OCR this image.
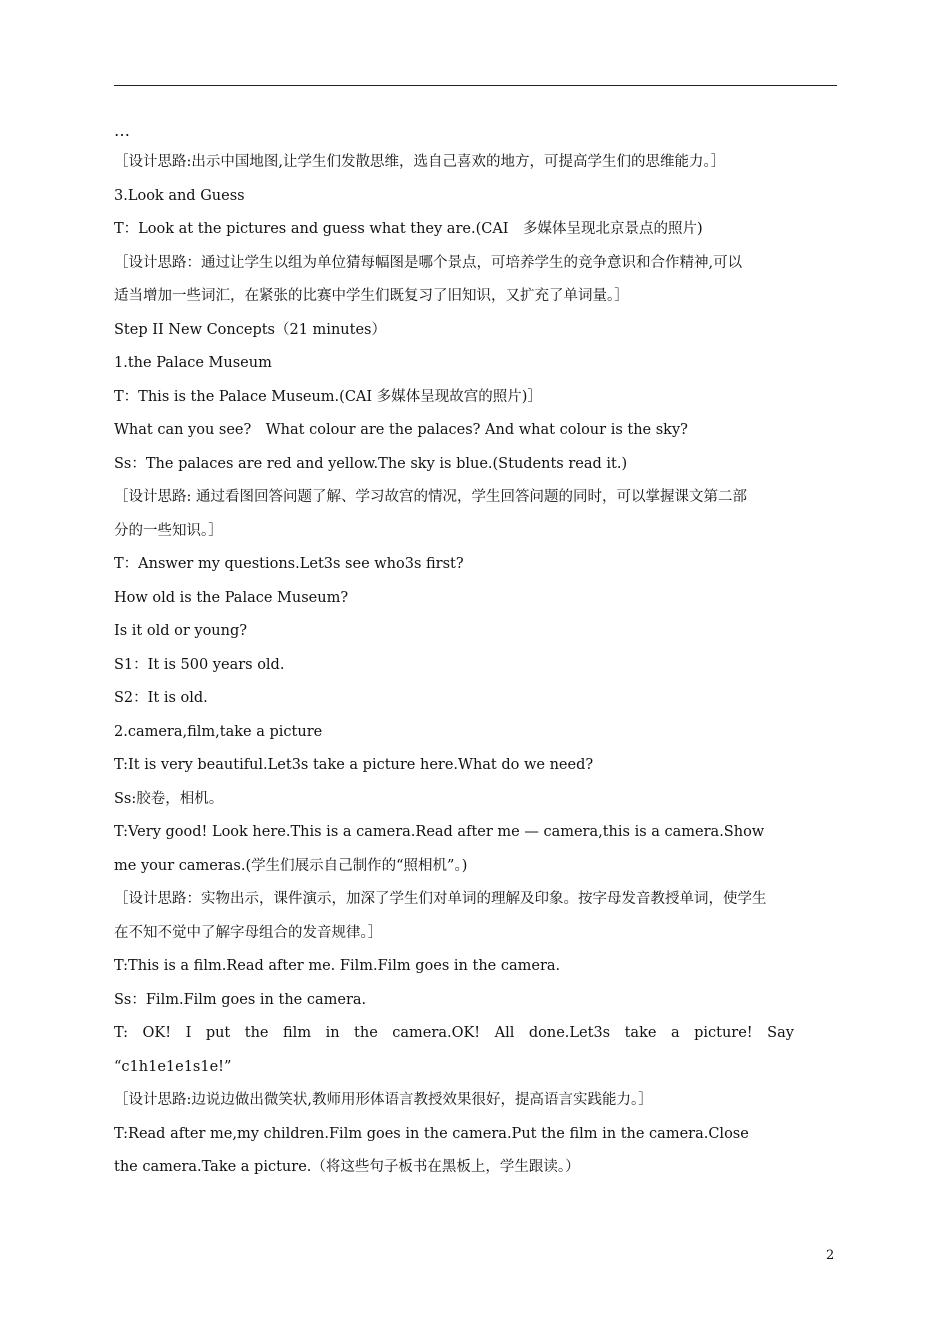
…

［设计思路:出示中国地图,让学生们发散思维，选自己喜欢的地方，可提高学生们的思维能力。］

3.Look and Guess

T：Look at the pictures and guess what they are.(CAI　多媒体呈现北京景点的照片)

［设计思路：通过让学生以组为单位猜每幅图是哪个景点，可培养学生的竞争意识和合作精神,可以

适当增加一些词汇，在紧张的比赛中学生们既复习了旧知识，又扩充了单词量。］

Step II New Concepts（21 minutes）

1.the Palace Museum

T：This is the Palace Museum.(CAI 多媒体呈现故宫的照片)］

What can you see?　What colour are the palaces? And what colour is the sky?

Ss：The palaces are red and yellow.The sky is blue.(Students read it.)

［设计思路: 通过看图回答问题了解、学习故宫的情况，学生回答问题的同时，可以掌握课文第二部

分的一些知识。］

T：Answer my questions.Let3s see who3s first?

How old is the Palace Museum?

Is it old or young?

S1：It is 500 years old.

S2：It is old.

2.camera,film,take a picture

T:It is very beautiful.Let3s take a picture here.What do we need?

Ss:胶卷，相机。

T:Very good! Look here.This is a camera.Read after me — camera,this is a camera.Show

me your cameras.(学生们展示自己制作的“照相机”。)

［设计思路：实物出示，课件演示，加深了学生们对单词的理解及印象。按字母发音教授单词，使学生

在不知不觉中了解字母组合的发音规律。］

T:This is a film.Read after me. Film.Film goes in the camera.

Ss：Film.Film goes in the camera.

T:　OK!　I　put　the　film　in　the　camera.OK!　All　done.Let3s　take　a　picture!　Say

“c1h1e1e1s1e!”

［设计思路:边说边做出微笑状,教师用形体语言教授效果很好，提高语言实践能力。］

T:Read after me,my children.Film goes in the camera.Put the film in the camera.Close

the camera.Take a picture.（将这些句子板书在黑板上，学生跟读。）

2
